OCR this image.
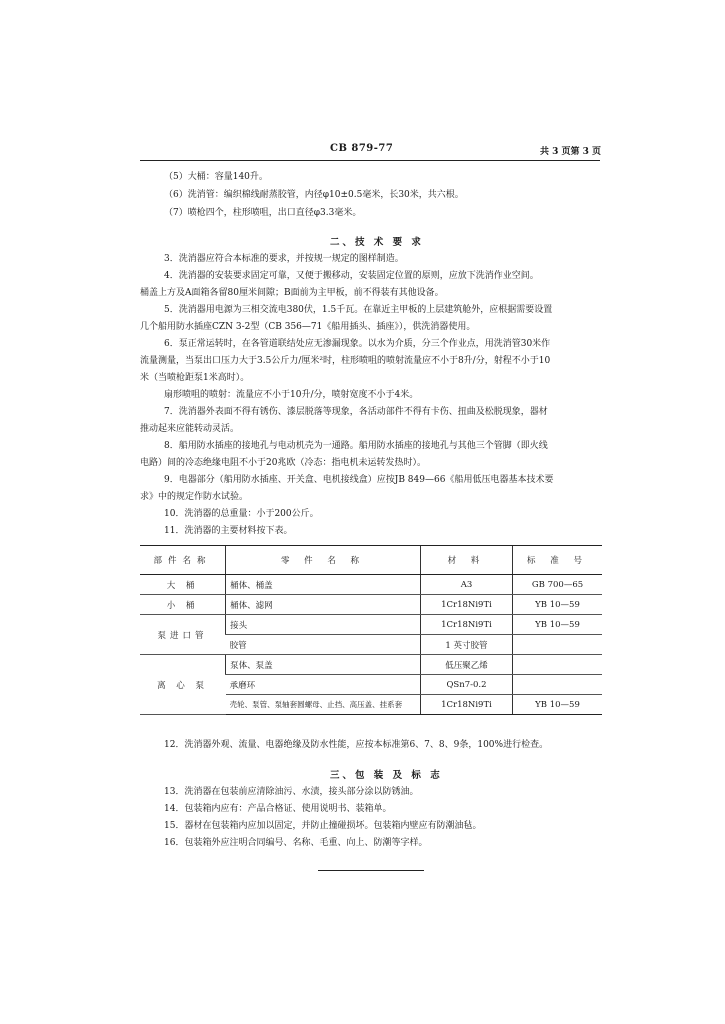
CB 879-77	共 3 页第 3 页
（5）大桶：容量140升。
（6）洗消管：编织棉线耐蒸胶管，内径φ10±0.5毫米，长30米，共六根。
（7）喷枪四个，柱形喷咀，出口直径φ3.3毫米。
二、技 术 要 求
3．洗消器应符合本标准的要求，并按规一规定的图样制造。
4．洗消器的安装要求固定可靠，又便于搬移动，安装固定位置的原则，应放下洗消作业空间。
桶盖上方及A面箱各留80厘米间隙；B面前为主甲板，前不得装有其他设备。
5．洗消器用电源为三相交流电380伏，1.5千瓦。在靠近主甲板的上层建筑舱外，应根据需要设置
几个船用防水插座CZN 3-2型（CB 356—71《船用插头、插座》），供洗消器使用。
6．泵正常运转时，在各管道联结处应无渗漏现象。以水为介质，分三个作业点，用洗消管30米作
流量测量，当泵出口压力大于3.5公斤力/厘米²时，柱形喷咀的喷射流量应不小于8升/分，射程不小于10
米（当喷枪距泵1米高时）。
扇形喷咀的喷射：流量应不小于10升/分，喷射宽度不小于4米。
7．洗消器外表面不得有锈伤、漆层脱落等现象，各活动部件不得有卡伤、扭曲及松脱现象，器材
推动起来应能转动灵活。
8．船用防水插座的接地孔与电动机壳为一通路。船用防水插座的接地孔与其他三个管脚（即火线
电路）间的冷态绝缘电阻不小于20兆欧（冷态：指电机未运转发热时）。
9．电器部分（船用防水插座、开关盒、电机接线盒）应按JB 849—66《船用低压电器基本技术要
求》中的规定作防水试验。
10．洗消器的总重量：小于200公斤。
11．洗消器的主要材料按下表。
部件名称	零 件 名 称	材 料	标 准 号
大 桶	桶体、桶盖	A3	GB 700—65
小 桶	桶体、滤网	1Cr18Ni9Ti	YB 10—59
泵进口管	接头	1Cr18Ni9Ti	YB 10—59
	胶管	1 英寸胶管	
离 心 泵	泵体、泵盖	低压聚乙烯	
	承磨环	QSn7-0.2	
	壳轮、泵管、泵轴套圆螺母、止挡、高压盖、挂系套	1Cr18Ni9Ti	YB 10—59
12．洗消器外观、流量、电器绝缘及防水性能，应按本标准第6、7、8、9条，100%进行检查。
三、包 装 及 标 志
13．洗消器在包装前应清除油污、水渍，接头部分涂以防锈油。
14．包装箱内应有：产品合格证、使用说明书、装箱单。
15．器材在包装箱内应加以固定，并防止撞碰损坏。包装箱内壁应有防潮油毡。
16．包装箱外应注明合同编号、名称、毛重、向上、防潮等字样。
